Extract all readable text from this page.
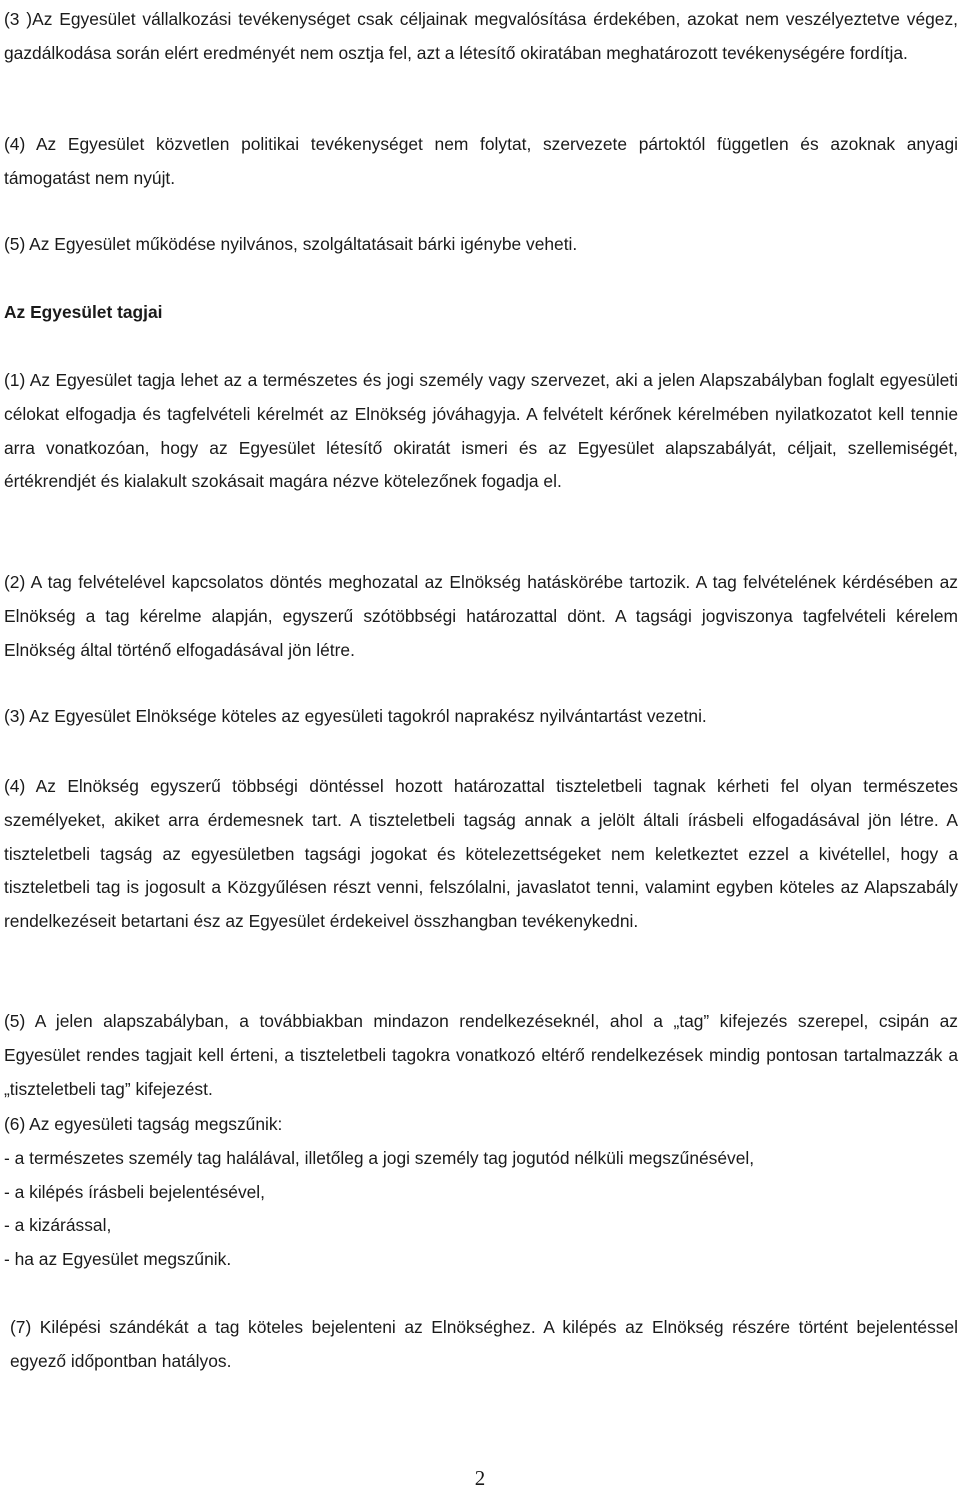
(3 )Az Egyesület vállalkozási tevékenységet csak céljainak megvalósítása érdekében, azokat nem veszélyeztetve végez, gazdálkodása során elért eredményét nem osztja fel, azt a létesítő okiratában meghatározott tevékenységére fordítja.

(4) Az Egyesület közvetlen politikai tevékenységet nem folytat, szervezete pártoktól független és azoknak anyagi támogatást nem nyújt.

(5) Az Egyesület működése nyilvános, szolgáltatásait bárki igénybe veheti.

Az Egyesület tagjai

(1) Az Egyesület tagja lehet az a természetes és jogi személy vagy szervezet, aki a jelen Alapszabályban foglalt egyesületi célokat elfogadja és tagfelvételi kérelmét az Elnökség jóváhagyja. A felvételt kérőnek kérelmében nyilatkozatot kell tennie arra vonatkozóan, hogy az Egyesület létesítő okiratát ismeri és az Egyesület alapszabályát, céljait, szellemiségét, értékrendjét és kialakult szokásait magára nézve kötelezőnek fogadja el.

(2) A tag felvételével kapcsolatos döntés meghozatal az Elnökség hatáskörébe tartozik. A tag felvételének kérdésében az Elnökség a tag kérelme alapján, egyszerű szótöbbségi határozattal dönt. A tagsági jogviszonya tagfelvételi kérelem Elnökség által történő elfogadásával jön létre.

(3) Az Egyesület Elnöksége köteles az egyesületi tagokról naprakész nyilvántartást vezetni.

(4) Az Elnökség egyszerű többségi döntéssel hozott határozattal tiszteletbeli tagnak kérheti fel olyan természetes személyeket, akiket arra érdemesnek tart. A tiszteletbeli tagság annak a jelölt általi írásbeli elfogadásával jön létre. A tiszteletbeli tagság az egyesületben tagsági jogokat és kötelezettségeket nem keletkeztet ezzel a kivétellel, hogy a tiszteletbeli tag is jogosult a Közgyűlésen részt venni, felszólalni, javaslatot tenni, valamint egyben köteles az Alapszabály rendelkezéseit betartani ész az Egyesület érdekeivel összhangban tevékenykedni.

(5) A jelen alapszabályban, a továbbiakban mindazon rendelkezéseknél, ahol a „tag” kifejezés szerepel, csipán az Egyesület rendes tagjait kell érteni, a tiszteletbeli tagokra vonatkozó eltérő rendelkezések mindig pontosan tartalmazzák a „tiszteletbeli tag” kifejezést.

(6) Az egyesületi tagság megszűnik:
- a természetes személy tag halálával, illetőleg a jogi személy tag jogutód nélküli megszűnésével,
- a kilépés írásbeli bejelentésével,
- a kizárással,
- ha az Egyesület megszűnik.

(7) Kilépési szándékát a tag köteles bejelenteni az Elnökséghez. A kilépés az Elnökség részére történt bejelentéssel egyező időpontban hatályos.

2
